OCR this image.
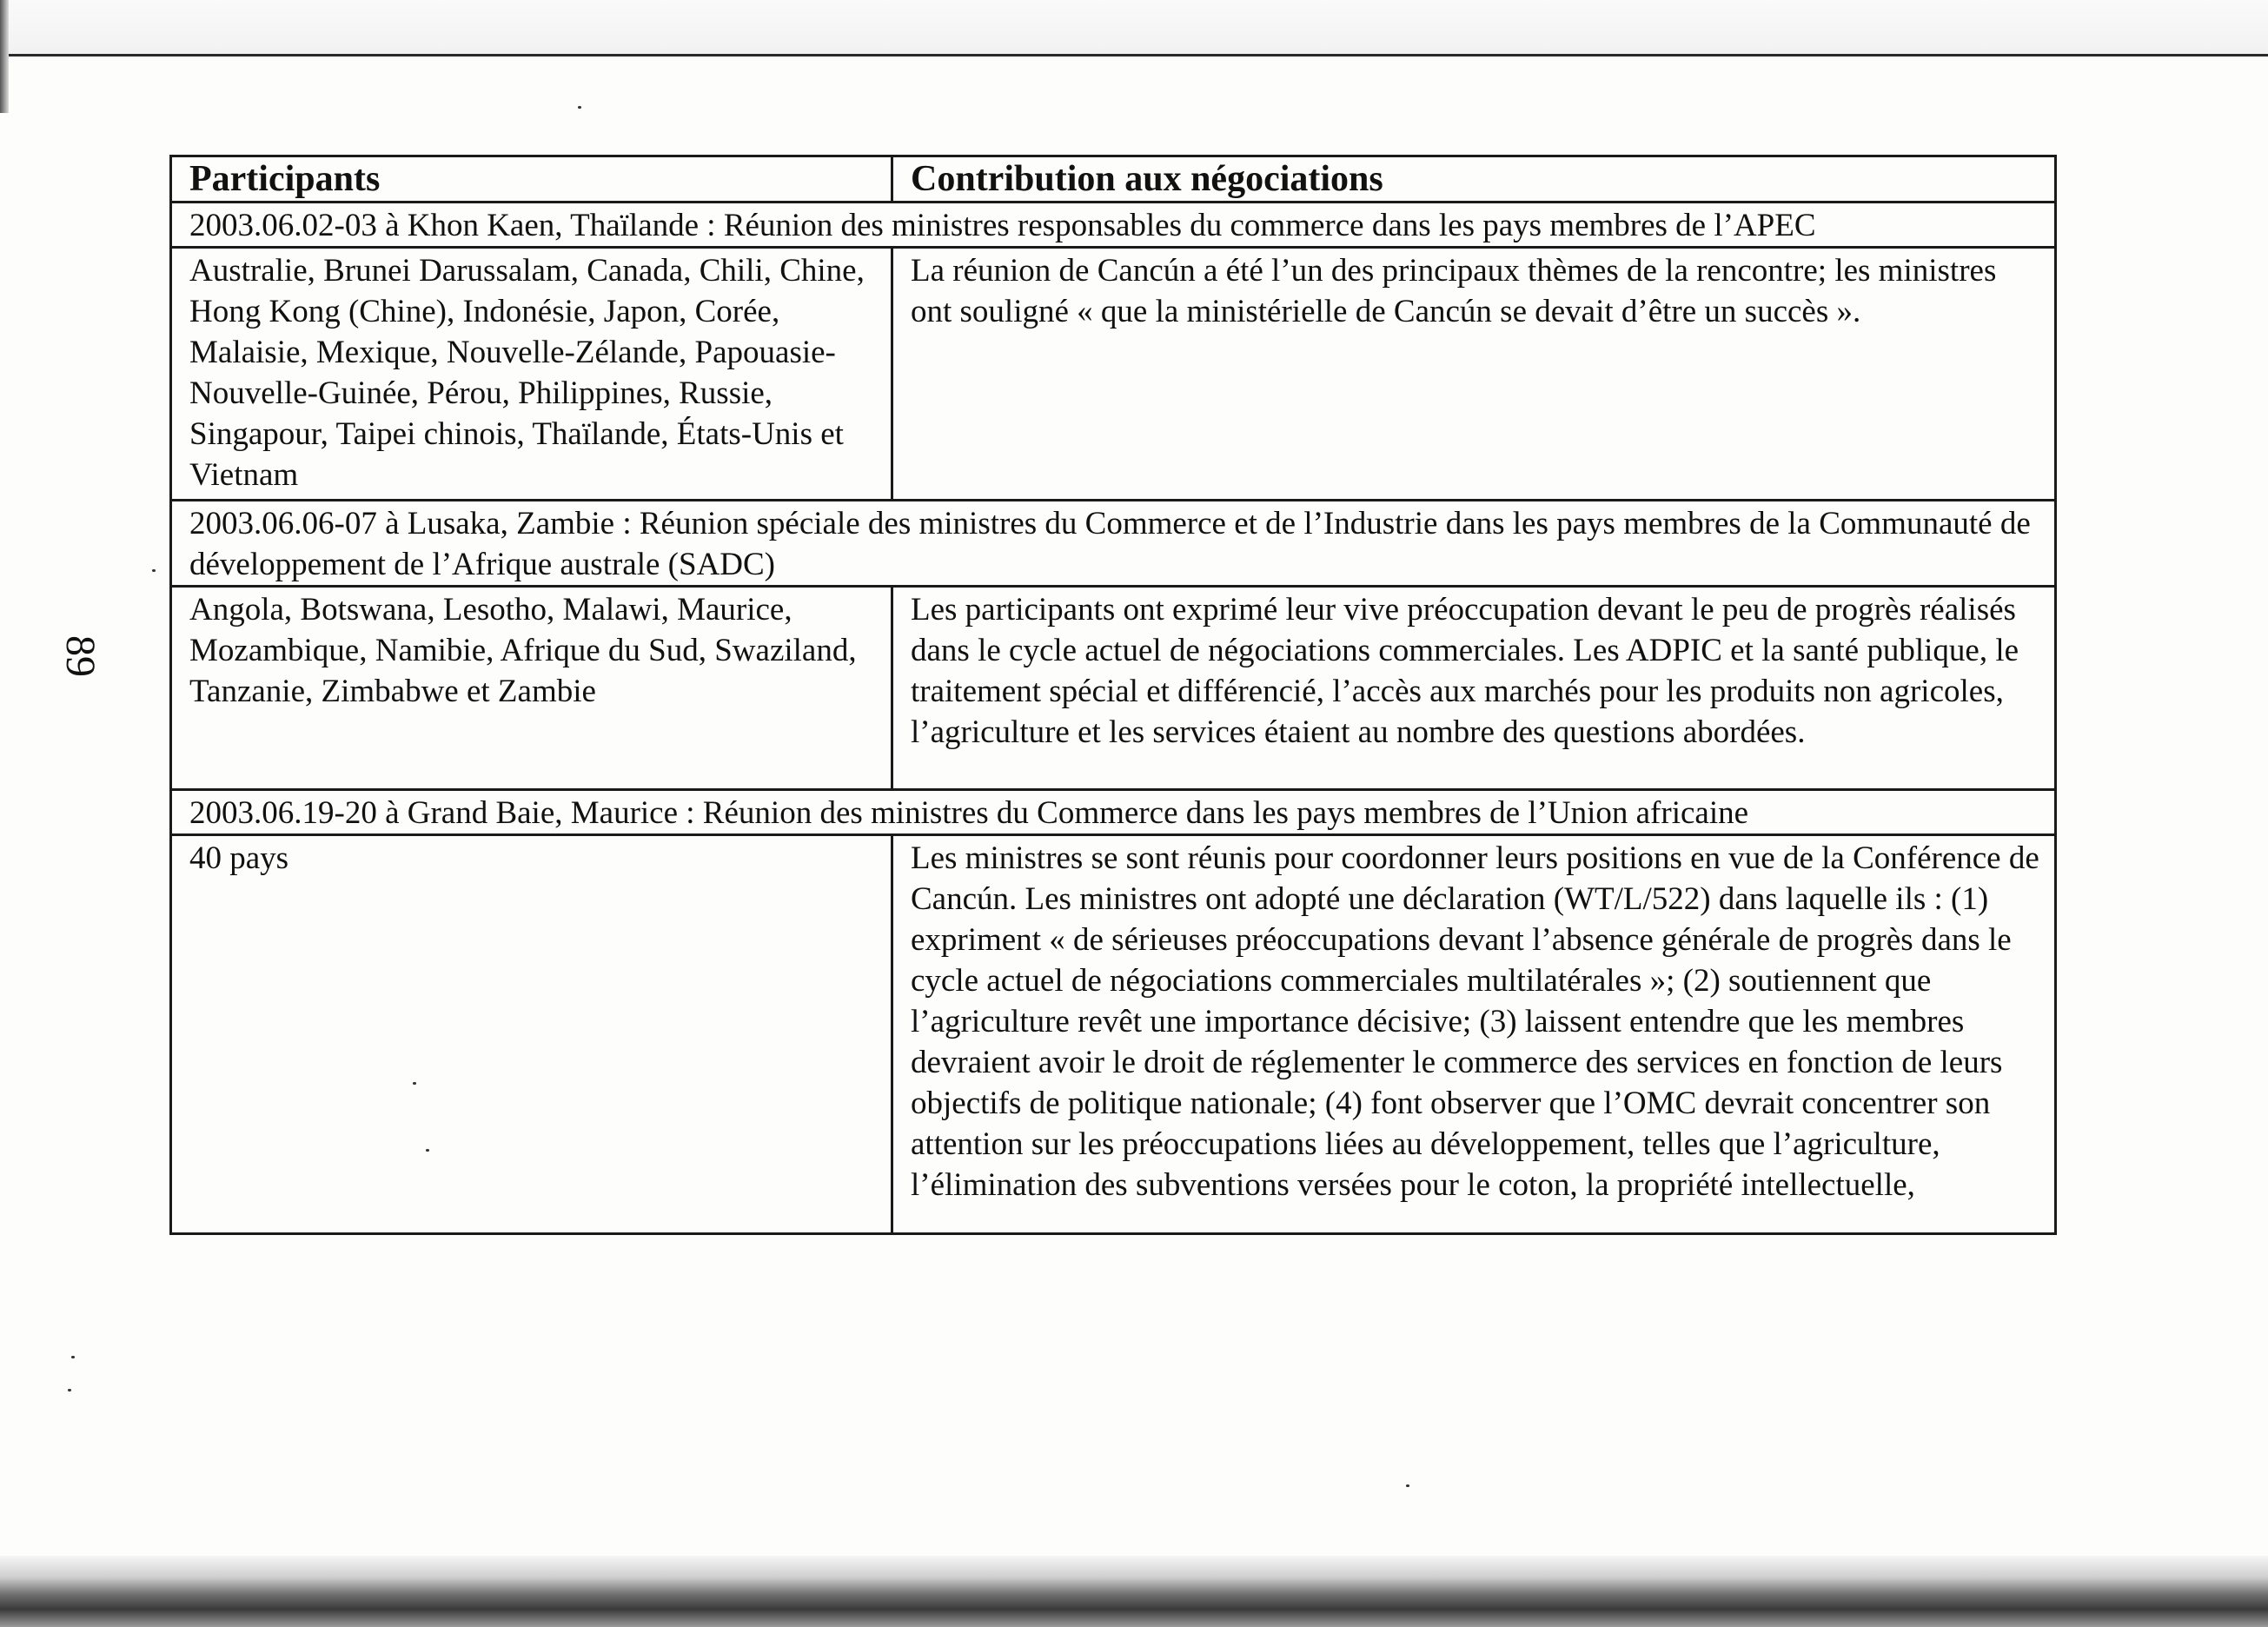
89
Participants	Contribution aux négociations
2003.06.02-03 à Khon Kaen, Thaïlande : Réunion des ministres responsables du commerce dans les pays membres de l’APEC	
Australie, Brunei Darussalam, Canada, Chili, Chine, Hong Kong (Chine), Indonésie, Japon, Corée, Malaisie, Mexique, Nouvelle-Zélande, Papouasie-Nouvelle-Guinée, Pérou, Philippines, Russie, Singapour, Taipei chinois, Thaïlande, États-Unis et Vietnam	La réunion de Cancún a été l’un des principaux thèmes de la rencontre; les ministres ont souligné « que la ministérielle de Cancún se devait d’être un succès ».
2003.06.06-07 à Lusaka, Zambie : Réunion spéciale des ministres du Commerce et de l’Industrie dans les pays membres de la Communauté de développement de l’Afrique australe (SADC)	
Angola, Botswana, Lesotho, Malawi, Maurice, Mozambique, Namibie, Afrique du Sud, Swaziland, Tanzanie, Zimbabwe et Zambie	Les participants ont exprimé leur vive préoccupation devant le peu de progrès réalisés dans le cycle actuel de négociations commerciales. Les ADPIC et la santé publique, le traitement spécial et différencié, l’accès aux marchés pour les produits non agricoles, l’agriculture et les services étaient au nombre des questions abordées.
2003.06.19-20 à Grand Baie, Maurice : Réunion des ministres du Commerce dans les pays membres de l’Union africaine	
40 pays	Les ministres se sont réunis pour coordonner leurs positions en vue de la Conférence de Cancún. Les ministres ont adopté une déclaration (WT/L/522) dans laquelle ils : (1) expriment « de sérieuses préoccupations devant l’absence générale de progrès dans le cycle actuel de négociations commerciales multilatérales »; (2) soutiennent que l’agriculture revêt une importance décisive; (3) laissent entendre que les membres devraient avoir le droit de réglementer le commerce des services en fonction de leurs objectifs de politique nationale; (4) font observer que l’OMC devrait concentrer son attention sur les préoccupations liées au développement, telles que l’agriculture, l’élimination des subventions versées pour le coton, la propriété intellectuelle,
